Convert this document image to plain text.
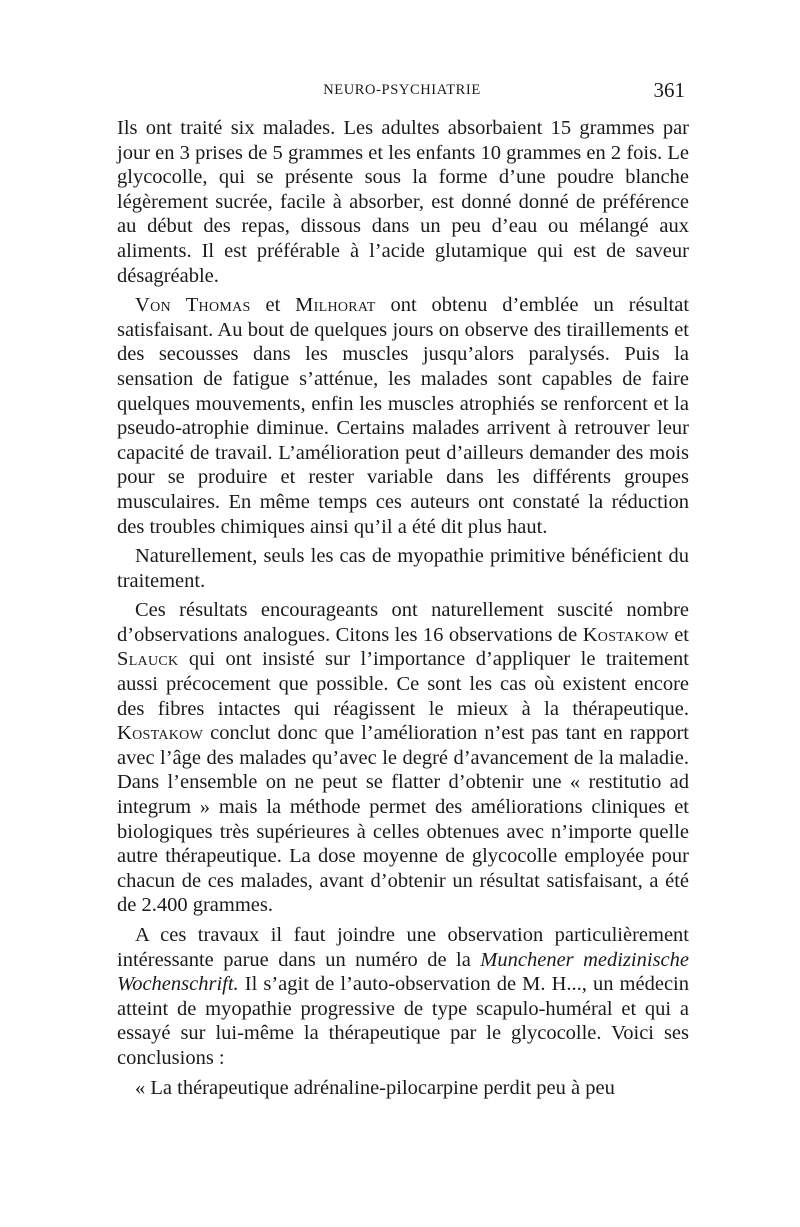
NEURO-PSYCHIATRIE	361

Ils ont traité six malades. Les adultes absorbaient 15 grammes par jour en 3 prises de 5 grammes et les enfants 10 grammes en 2 fois. Le glycocolle, qui se présente sous la forme d’une poudre blanche légèrement sucrée, facile à absorber, est donné donné de préférence au début des repas, dissous dans un peu d’eau ou mélangé aux aliments. Il est préférable à l’acide glutamique qui est de saveur désagréable.

Von Thomas et Milhorat ont obtenu d’emblée un résultat satisfaisant. Au bout de quelques jours on observe des tiraillements et des secousses dans les muscles jusqu’alors paralysés. Puis la sensation de fatigue s’atténue, les malades sont capables de faire quelques mouvements, enfin les muscles atrophiés se renforcent et la pseudo-atrophie diminue. Certains malades arrivent à retrouver leur capacité de travail. L’amélioration peut d’ailleurs demander des mois pour se produire et rester variable dans les différents groupes musculaires. En même temps ces auteurs ont constaté la réduction des troubles chimiques ainsi qu’il a été dit plus haut.

Naturellement, seuls les cas de myopathie primitive bénéficient du traitement.

Ces résultats encourageants ont naturellement suscité nombre d’observations analogues. Citons les 16 observations de Kostakow et Slauck qui ont insisté sur l’importance d’appliquer le traitement aussi précocement que possible. Ce sont les cas où existent encore des fibres intactes qui réagissent le mieux à la thérapeutique. Kostakow conclut donc que l’amélioration n’est pas tant en rapport avec l’âge des malades qu’avec le degré d’avancement de la maladie. Dans l’ensemble on ne peut se flatter d’obtenir une « restitutio ad integrum » mais la méthode permet des améliorations cliniques et biologiques très supérieures à celles obtenues avec n’importe quelle autre thérapeutique. La dose moyenne de glycocolle employée pour chacun de ces malades, avant d’obtenir un résultat satisfaisant, a été de 2.400 grammes.

A ces travaux il faut joindre une observation particulièrement intéressante parue dans un numéro de la Munchener medizinische Wochenschrift. Il s’agit de l’auto-observation de M. H..., un médecin atteint de myopathie progressive de type scapulo-huméral et qui a essayé sur lui-même la thérapeutique par le glycocolle. Voici ses conclusions :

« La thérapeutique adrénaline-pilocarpine perdit peu à peu
